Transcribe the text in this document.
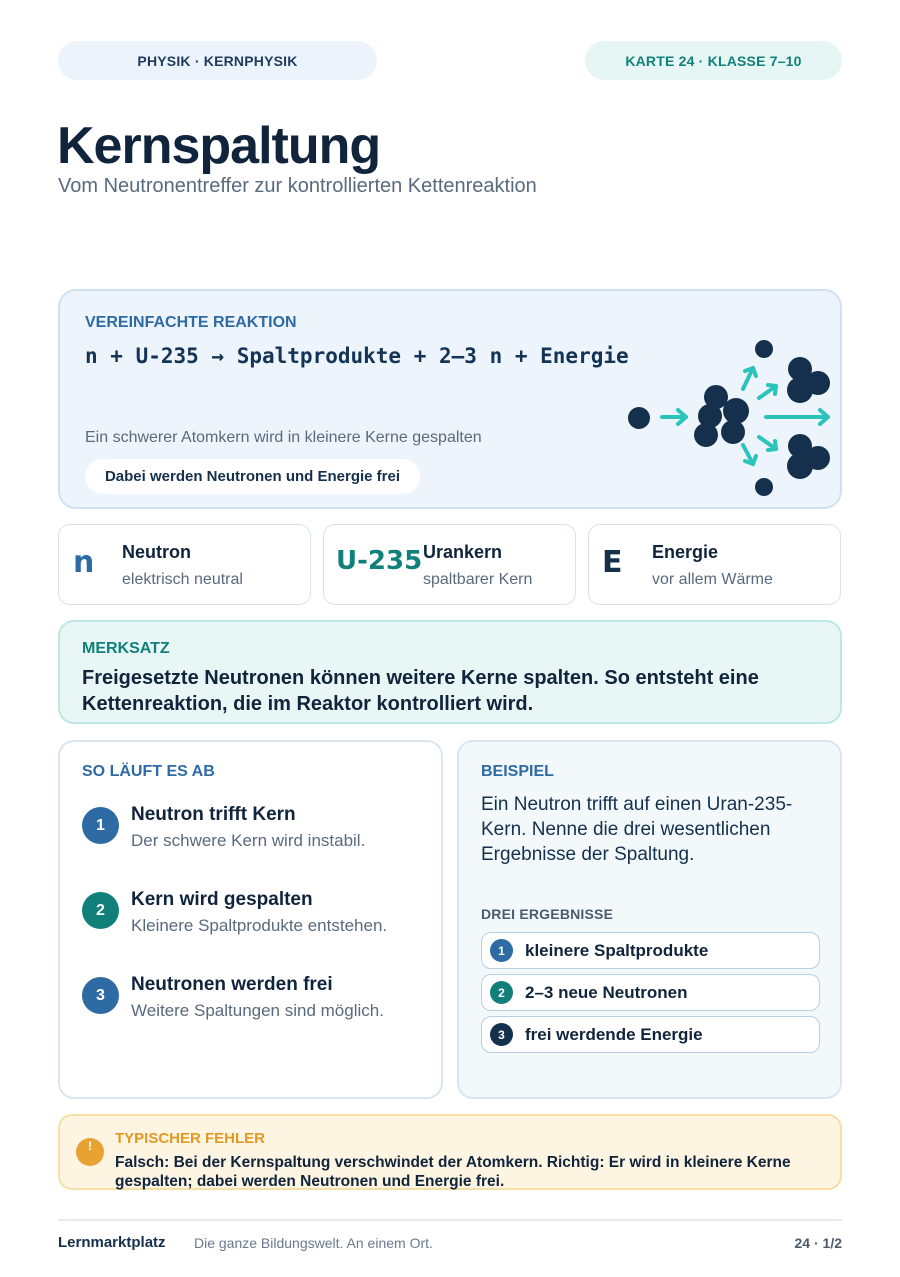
PHYSIK · KERNPHYSIK	KARTE 24 · KLASSE 7–10
Kernspaltung
Vom Neutronentreffer zur kontrollierten Kettenreaktion
VEREINFACHTE REAKTION
n + U-235 → Spaltprodukte + 2–3 n + Energie
Ein schwerer Atomkern wird in kleinere Kerne gespalten
Dabei werden Neutronen und Energie frei
n Neutron
elektrisch neutral
U-235 Urankern
spaltbarer Kern E Energie
vor allem Wärme
MERKSATZ
Freigesetzte Neutronen können weitere Kerne spalten. So entsteht eine Kettenreaktion, die im Reaktor kontrolliert wird.
SO LÄUFT ES AB
1	Neutron trifft Kern
Der schwere Kern wird instabil.
2	Kern wird gespalten
Kleinere Spaltprodukte entstehen.
3	Neutronen werden frei
Weitere Spaltungen sind möglich.
BEISPIEL
Ein Neutron trifft auf einen Uran-235-Kern. Nenne die drei wesentlichen Ergebnisse der Spaltung.
DREI ERGEBNISSE
1	kleinere Spaltprodukte
2	2–3 neue Neutronen
3	frei werdende Energie
!	TYPISCHER FEHLER
Falsch: Bei der Kernspaltung verschwindet der Atomkern. Richtig: Er wird in kleinere Kerne gespalten; dabei werden Neutronen und Energie frei.
Lernmarktplatz Die ganze Bildungswelt. An einem Ort.	24 · 1/2
